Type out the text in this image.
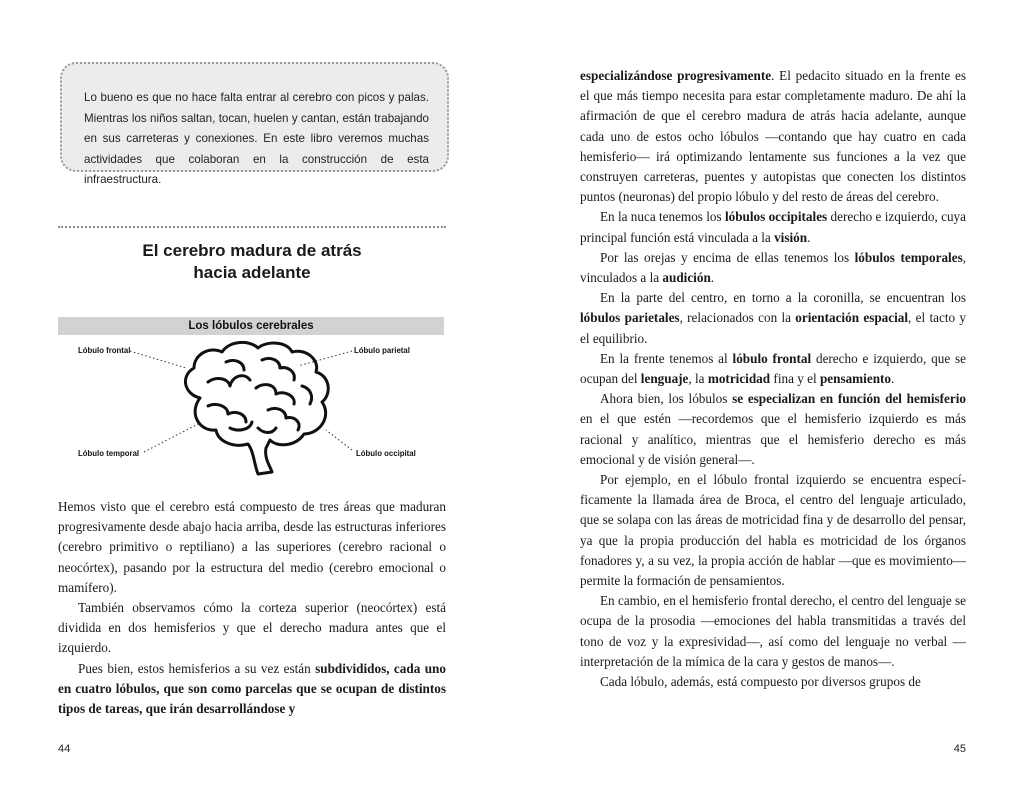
Lo bueno es que no hace falta entrar al cerebro con picos y palas. Mientras los niños saltan, tocan, huelen y cantan, están trabajando en sus carreteras y conexiones. En este libro veremos muchas actividades que colaboran en la construcción de esta infraestructura.

El cerebro madura de atrás
hacia adelante
Los lóbulos cerebrales
Lóbulo frontal	Lóbulo parietal
Lóbulo temporal	Lóbulo occipital

Hemos visto que el cerebro está compuesto de tres áreas que maduran progresivamente desde abajo hacia arriba, desde las estructuras inferiores (cerebro primitivo o reptiliano) a las superiores (cerebro racional o neocórtex), pasando por la estructura del medio (cerebro emocional o mamífero).

También observamos cómo la corteza superior (neocórtex) está dividida en dos hemisferios y que el derecho madura antes que el izquierdo.

Pues bien, estos hemisferios a su vez están subdivididos, cada uno en cuatro lóbulos, que son como parcelas que se ocupan de distintos tipos de tareas, que irán desarrollándose y

44

especializándose progresivamente. El pedacito situado en la frente es el que más tiempo necesita para estar completamente maduro. De ahí la afirmación de que el cerebro madura de atrás hacia adelante, aunque cada uno de estos ocho lóbulos —contando que hay cuatro en cada hemisferio— irá optimizando lentamente sus funciones a la vez que construyen carreteras, puentes y autopistas que conecten los distintos puntos (neuronas) del propio lóbulo y del resto de áreas del cerebro.

En la nuca tenemos los lóbulos occipitales derecho e izquierdo, cuya principal función está vinculada a la visión.

Por las orejas y encima de ellas tenemos los lóbulos temporales, vinculados a la audición.

En la parte del centro, en torno a la coronilla, se encuentran los lóbulos parietales, relacionados con la orientación espacial, el tacto y el equilibrio.

En la frente tenemos al lóbulo frontal derecho e izquierdo, que se ocupan del lenguaje, la motricidad fina y el pensamiento.

Ahora bien, los lóbulos se especializan en función del hemisferio en el que estén —recordemos que el hemisferio izquierdo es más racional y analítico, mientras que el hemisferio derecho es más emocional y de visión general—.

Por ejemplo, en el lóbulo frontal izquierdo se encuentra específicamente la llamada área de Broca, el centro del lenguaje articulado, que se solapa con las áreas de motricidad fina y de desarrollo del pensar, ya que la propia producción del habla es motricidad de los órganos fonadores y, a su vez, la propia acción de hablar —que es movimiento— permite la formación de pensamientos.

En cambio, en el hemisferio frontal derecho, el centro del lenguaje se ocupa de la prosodia —emociones del habla transmitidas a través del tono de voz y la expresividad—, así como del lenguaje no verbal —interpretación de la mímica de la cara y gestos de manos—.

Cada lóbulo, además, está compuesto por diversos grupos de

45
